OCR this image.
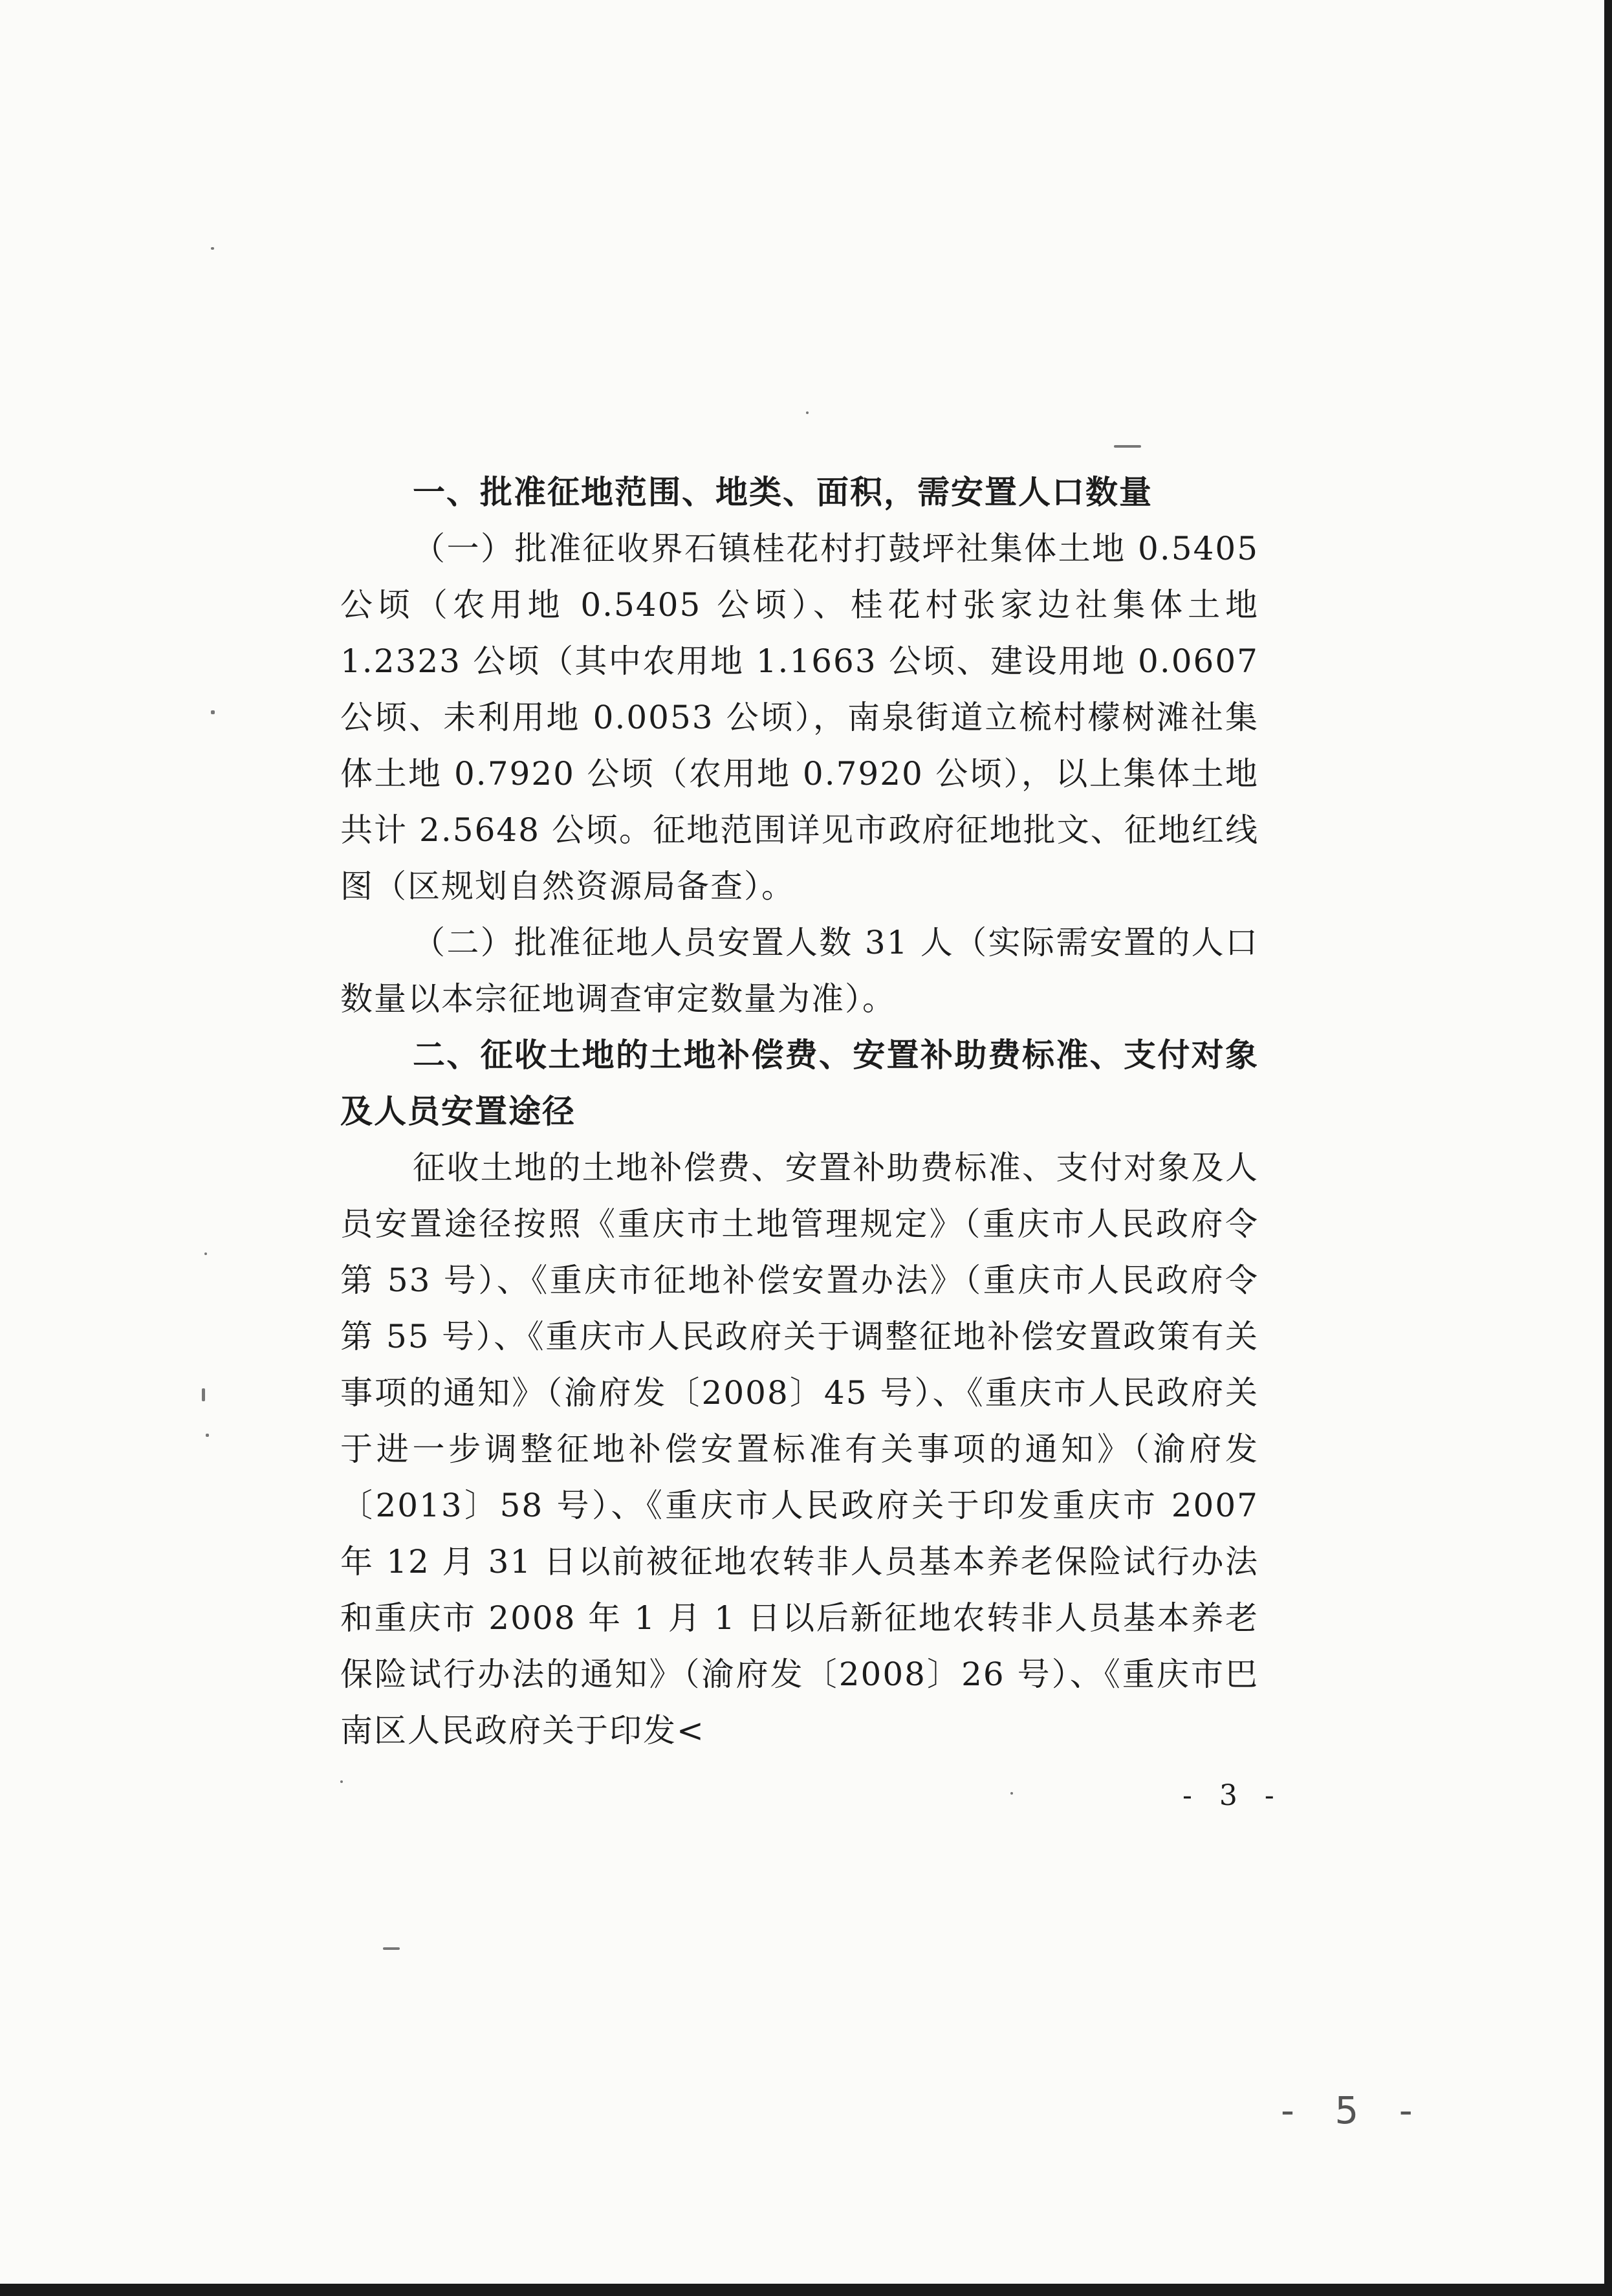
一、批准征地范围、地类、面积，需安置人口数量

（一）批准征收界石镇桂花村打鼓坪社集体土地 0.5405 公顷（农用地 0.5405 公顷）、桂花村张家边社集体土地 1.2323 公顷（其中农用地 1.1663 公顷、建设用地 0.0607 公顷、未利用地 0.0053 公顷），南泉街道立梳村檬树滩社集体土地 0.7920 公顷（农用地 0.7920 公顷），以上集体土地共计 2.5648 公顷。征地范围详见市政府征地批文、征地红线图（区规划自然资源局备查）。

（二）批准征地人员安置人数 31 人（实际需安置的人口数量以本宗征地调查审定数量为准）。

二、征收土地的土地补偿费、安置补助费标准、支付对象及人员安置途径

征收土地的土地补偿费、安置补助费标准、支付对象及人员安置途径按照《重庆市土地管理规定》（重庆市人民政府令第 53 号）、《重庆市征地补偿安置办法》（重庆市人民政府令第 55 号）、《重庆市人民政府关于调整征地补偿安置政策有关事项的通知》（渝府发〔2008〕45 号）、《重庆市人民政府关于进一步调整征地补偿安置标准有关事项的通知》（渝府发〔2013〕58 号）、《重庆市人民政府关于印发重庆市 2007 年 12 月 31 日以前被征地农转非人员基本养老保险试行办法和重庆市 2008 年 1 月 1 日以后新征地农转非人员基本养老保险试行办法的通知》（渝府发〔2008〕26 号）、《重庆市巴南区人民政府关于印发<

- 3 -
- 5 -
